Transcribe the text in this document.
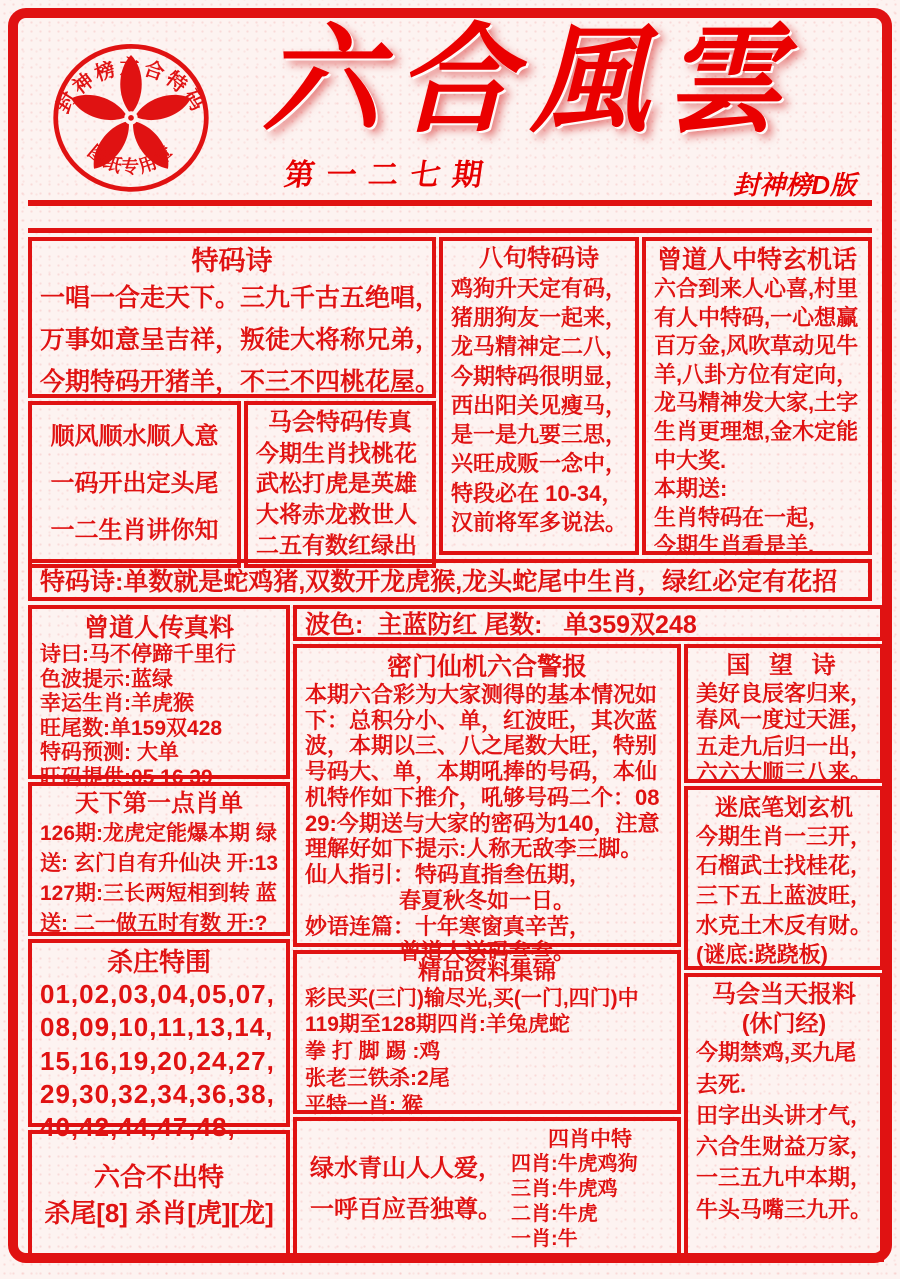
封神榜六合特码
图纸专用章
六合風雲
第一二七期	封神榜D版
特码诗
一唱一合走天下。三九千古五绝唱，
万事如意呈吉祥，叛徒大将称兄弟，
今期特码开猪羊，不三不四桃花屋。
顺风顺水顺人意
一码开出定头尾
一二生肖讲你知
马会特码传真
今期生肖找桃花
武松打虎是英雄
大将赤龙救世人
二五有数红绿出
八句特码诗
鸡狗升天定有码，
猪朋狗友一起来，
龙马精神定二八，
今期特码很明显，
西出阳关见瘦马，
是一是九要三思，
兴旺成贩一念中，
特段必在 10-34，
汉前将军多说法。
曾道人中特玄机话
六合到来人心喜,村里
有人中特码,一心想赢
百万金,风吹草动见牛
羊,八卦方位有定向，
龙马精神发大家,土字
生肖更理想,金木定能
中大奖.
本期送:
生肖特码在一起，
今期生肖看是羊.
特码诗:单数就是蛇鸡猪,双数开龙虎猴,龙头蛇尾中生肖，绿红必定有花招
曾道人传真料
诗曰:马不停蹄千里行
色波提示:蓝绿
幸运生肖:羊虎猴
旺尾数:单159双428
特码预测: 大单
旺码提供:05 16 39
天下第一点肖单
126期:龙虎定能爆本期 绿
送: 玄门自有升仙决 开:13
127期:三长两短相到转 蓝
送: 二一做五时有数 开:?
杀庄特围
01,02,03,04,05,07,
08,09,10,11,13,14,
15,16,19,20,24,27,
29,30,32,34,36,38,
40,42,44,47,48,
六合不出特
杀尾[8] 杀肖[虎][龙]
波色:  主蓝防红 尾数:   单359双248
密门仙机六合警报
本期六合彩为大家测得的基本情况如
下：总积分小、单，红波旺，其次蓝
波，本期以三、八之尾数大旺，特别
号码大、单，本期吼捧的号码，本仙
机特作如下推介，吼够号码二个：08
29:今期送与大家的密码为140，注意
理解好如下提示:人称无敌李三脚。
仙人指引：特码直指叁伍期，
春夏秋冬如一日。
妙语连篇：十年寒窗真辛苦，
曾道人送码叁叁。
精品资料集锦
彩民买(三门)输尽光,买(一门,四门)中
119期至128期四肖:羊兔虎蛇
拳 打 脚 踢 :鸡
张老三铁杀:2尾
平特一肖: 猴
绿水青山人人爱，
一呼百应吾独尊。
四肖中特
四肖:牛虎鸡狗
三肖:牛虎鸡
二肖:牛虎
一肖:牛
国 望 诗
美好良辰客归来，
春风一度过天涯，
五走九后归一出，
六六大顺三八来。
迷底笔划玄机
今期生肖一三开，
石榴武士找桂花，
三下五上蓝波旺，
水克土木反有财。
(谜底:跷跷板)
马会当天报料
(休门经)
今期禁鸡,买九尾
去死.
田字出头讲才气，
六合生财益万家，
一三五九中本期，
牛头马嘴三九开。
